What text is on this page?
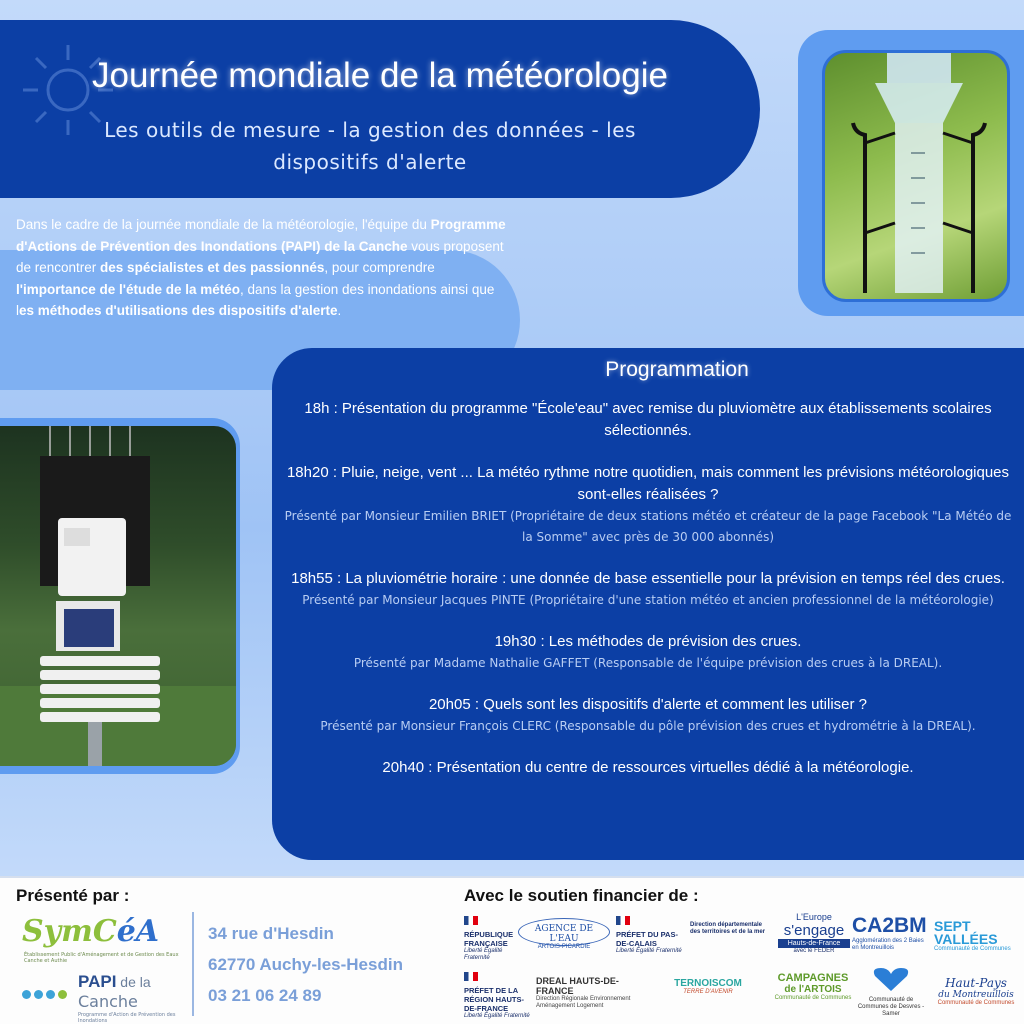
Journée mondiale de la météorologie
Les outils de mesure - la gestion des données - les dispositifs d'alerte
Dans le cadre de la journée mondiale de la météorologie, l'équipe du Programme d'Actions de Prévention des Inondations (PAPI) de la Canche vous proposent de rencontrer des spécialistes et des passionnés, pour comprendre l'importance de l'étude de la météo, dans la gestion des inondations ainsi que les méthodes d'utilisations des dispositifs d'alerte.
Programmation
18h : Présentation du programme "École'eau" avec remise du pluviomètre aux établissements scolaires sélectionnés.
18h20 : Pluie, neige, vent ... La météo rythme notre quotidien, mais comment les prévisions météorologiques sont-elles réalisées ?
Présenté par Monsieur Emilien BRIET (Propriétaire de deux stations météo et créateur de la page Facebook "La Météo de la Somme" avec près de 30 000 abonnés)
18h55 : La pluviométrie horaire : une donnée de base essentielle pour la prévision en temps réel des crues.
Présenté par Monsieur Jacques PINTE (Propriétaire d'une station météo et ancien professionnel de la météorologie)
19h30 : Les méthodes de prévision des crues.
Présenté par Madame Nathalie GAFFET (Responsable de l'équipe prévision des crues à la DREAL).
20h05 : Quels sont les dispositifs d'alerte et comment les utiliser ?
Présenté par Monsieur François CLERC (Responsable du pôle prévision des crues et hydrométrie à la DREAL).
20h40 : Présentation du centre de ressources virtuelles dédié à la météorologie.
Présenté par :	Avec le soutien financier de :
SymCéA
Établissement Public d'Aménagement et de Gestion des Eaux Canche et Authie
PAPI de la
Canche
Programme d'Action de Prévention des Inondations
34 rue d'Hesdin
62770 Auchy-les-Hesdin
03 21 06 24 89
RÉPUBLIQUE FRANÇAISE
Liberté Égalité Fraternité
AGENCE DE L'EAU
ARTOIS-PICARDIE
PRÉFET DU PAS-DE-CALAIS
Liberté Égalité Fraternité
Direction départementale des territoires et de la mer
L'Europe
s'engage
Hauts-de-France
avec le FEDER
CA2BM
Agglomération des 2 Baies en Montreuillois
SEPT
VALLÉES
Communauté de Communes
PRÉFET DE LA RÉGION HAUTS-DE-FRANCE
Liberté Égalité Fraternité
DREAL HAUTS-DE-FRANCE
Direction Régionale Environnement
Aménagement Logement
TERNOISCOM
TERRE D'AVENIR
CAMPAGNES
de l'ARTOIS
Communauté de Communes	Communauté de Communes de Desvres - Samer
Haut-Pays
du Montreuillois
Communauté de Communes
